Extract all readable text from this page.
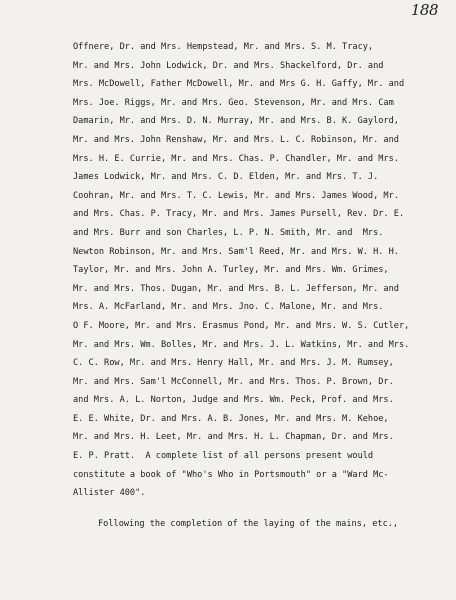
188
Offnere, Dr. and Mrs. Hempstead, Mr. and Mrs. S. M. Tracy,
Mr. and Mrs. John Lodwick, Dr. and Mrs. Shackelford, Dr. and
Mrs. McDowell, Father McDowell, Mr. and Mrs G. H. Gaffy, Mr. and
Mrs. Joe. Riggs, Mr. and Mrs. Geo. Stevenson, Mr. and Mrs. Cam
Damarin, Mr. and Mrs. D. N. Murray, Mr. and Mrs. B. K. Gaylord,
Mr. and Mrs. John Renshaw, Mr. and Mrs. L. C. Robinson, Mr. and
Mrs. H. E. Currie, Mr. and Mrs. Chas. P. Chandler, Mr. and Mrs.
James Lodwick, Mr. and Mrs. C. D. Elden, Mr. and Mrs. T. J.
Coohran, Mr. and Mrs. T. C. Lewis, Mr. and Mrs. James Wood, Mr.
and Mrs. Chas. P. Tracy, Mr. and Mrs. James Pursell, Rev. Dr. E.
and Mrs. Burr and son Charles, L. P. N. Smith, Mr. and  Mrs.
Newton Robinson, Mr. and Mrs. Sam'l Reed, Mr. and Mrs. W. H. H.
Taylor, Mr. and Mrs. John A. Turley, Mr. and Mrs. Wm. Grimes,
Mr. and Mrs. Thos. Dugan, Mr. and Mrs. B. L. Jefferson, Mr. and
Mrs. A. McFarland, Mr. and Mrs. Jno. C. Malone, Mr. and Mrs.
O F. Moore, Mr. and Mrs. Erasmus Pond, Mr. and Mrs. W. S. Cutler,
Mr. and Mrs. Wm. Bolles, Mr. and Mrs. J. L. Watkins, Mr. and Mrs.
C. C. Row, Mr. and Mrs. Henry Hall, Mr. and Mrs. J. M. Rumsey,
Mr. and Mrs. Sam'l McConnell, Mr. and Mrs. Thos. P. Brown, Dr.
and Mrs. A. L. Norton, Judge and Mrs. Wm. Peck, Prof. and Mrs.
E. E. White, Dr. and Mrs. A. B. Jones, Mr. and Mrs. M. Kehoe,
Mr. and Mrs. H. Leet, Mr. and Mrs. H. L. Chapman, Dr. and Mrs.
E. P. Pratt.  A complete list of all persons present would
constitute a book of "Who's Who in Portsmouth" or a "Ward Mc-
Allister 400".
Following the completion of the laying of the mains, etc.,
